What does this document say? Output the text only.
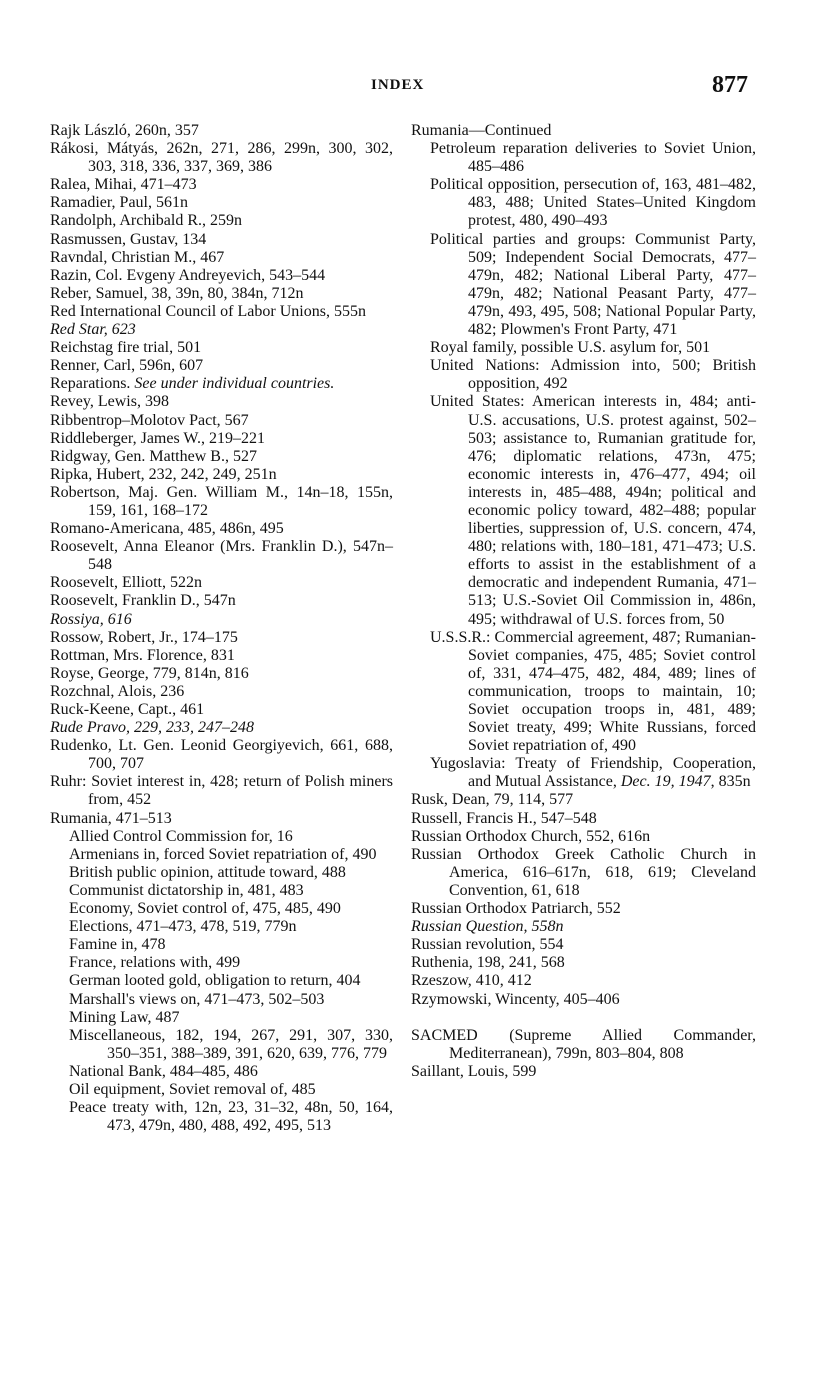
INDEX	877
Rajk László, 260n, 357
Rákosi, Mátyás, 262n, 271, 286, 299n, 300, 302, 303, 318, 336, 337, 369, 386
Ralea, Mihai, 471–473
Ramadier, Paul, 561n
Randolph, Archibald R., 259n
Rasmussen, Gustav, 134
Ravndal, Christian M., 467
Razin, Col. Evgeny Andreyevich, 543–544
Reber, Samuel, 38, 39n, 80, 384n, 712n
Red International Council of Labor Unions, 555n
Red Star, 623
Reichstag fire trial, 501
Renner, Carl, 596n, 607
Reparations. See under individual countries.
Revey, Lewis, 398
Ribbentrop–Molotov Pact, 567
Riddleberger, James W., 219–221
Ridgway, Gen. Matthew B., 527
Ripka, Hubert, 232, 242, 249, 251n
Robertson, Maj. Gen. William M., 14n–18, 155n, 159, 161, 168–172
Romano-Americana, 485, 486n, 495
Roosevelt, Anna Eleanor (Mrs. Franklin D.), 547n–548
Roosevelt, Elliott, 522n
Roosevelt, Franklin D., 547n
Rossiya, 616
Rossow, Robert, Jr., 174–175
Rottman, Mrs. Florence, 831
Royse, George, 779, 814n, 816
Rozchnal, Alois, 236
Ruck-Keene, Capt., 461
Rude Pravo, 229, 233, 247–248
Rudenko, Lt. Gen. Leonid Georgiyevich, 661, 688, 700, 707
Ruhr: Soviet interest in, 428; return of Polish miners from, 452
Rumania, 471–513
Allied Control Commission for, 16
Armenians in, forced Soviet repatriation of, 490
British public opinion, attitude toward, 488
Communist dictatorship in, 481, 483
Economy, Soviet control of, 475, 485, 490
Elections, 471–473, 478, 519, 779n
Famine in, 478
France, relations with, 499
German looted gold, obligation to return, 404
Marshall's views on, 471–473, 502–503
Mining Law, 487
Miscellaneous, 182, 194, 267, 291, 307, 330, 350–351, 388–389, 391, 620, 639, 776, 779
National Bank, 484–485, 486
Oil equipment, Soviet removal of, 485
Peace treaty with, 12n, 23, 31–32, 48n, 50, 164, 473, 479n, 480, 488, 492, 495, 513
Rumania—Continued
Petroleum reparation deliveries to Soviet Union, 485–486
Political opposition, persecution of, 163, 481–482, 483, 488; United States–United Kingdom protest, 480, 490–493
Political parties and groups: Communist Party, 509; Independent Social Democrats, 477–479n, 482; National Liberal Party, 477–479n, 482; National Peasant Party, 477–479n, 493, 495, 508; National Popular Party, 482; Plowmen's Front Party, 471
Royal family, possible U.S. asylum for, 501
United Nations: Admission into, 500; British opposition, 492
United States: American interests in, 484; anti-U.S. accusations, U.S. protest against, 502–503; assistance to, Rumanian gratitude for, 476; diplomatic relations, 473n, 475; economic interests in, 476–477, 494; oil interests in, 485–488, 494n; political and economic policy toward, 482–488; popular liberties, suppression of, U.S. concern, 474, 480; relations with, 180–181, 471–473; U.S. efforts to assist in the establishment of a democratic and independent Rumania, 471–513; U.S.-Soviet Oil Commission in, 486n, 495; withdrawal of U.S. forces from, 50
U.S.S.R.: Commercial agreement, 487; Rumanian-Soviet companies, 475, 485; Soviet control of, 331, 474–475, 482, 484, 489; lines of communication, troops to maintain, 10; Soviet occupation troops in, 481, 489; Soviet treaty, 499; White Russians, forced Soviet repatriation of, 490
Yugoslavia: Treaty of Friendship, Cooperation, and Mutual Assistance, Dec. 19, 1947, 835n
Rusk, Dean, 79, 114, 577
Russell, Francis H., 547–548
Russian Orthodox Church, 552, 616n
Russian Orthodox Greek Catholic Church in America, 616–617n, 618, 619; Cleveland Convention, 61, 618
Russian Orthodox Patriarch, 552
Russian Question, 558n
Russian revolution, 554
Ruthenia, 198, 241, 568
Rzeszow, 410, 412
Rzymowski, Wincenty, 405–406
SACMED (Supreme Allied Commander, Mediterranean), 799n, 803–804, 808
Saillant, Louis, 599
